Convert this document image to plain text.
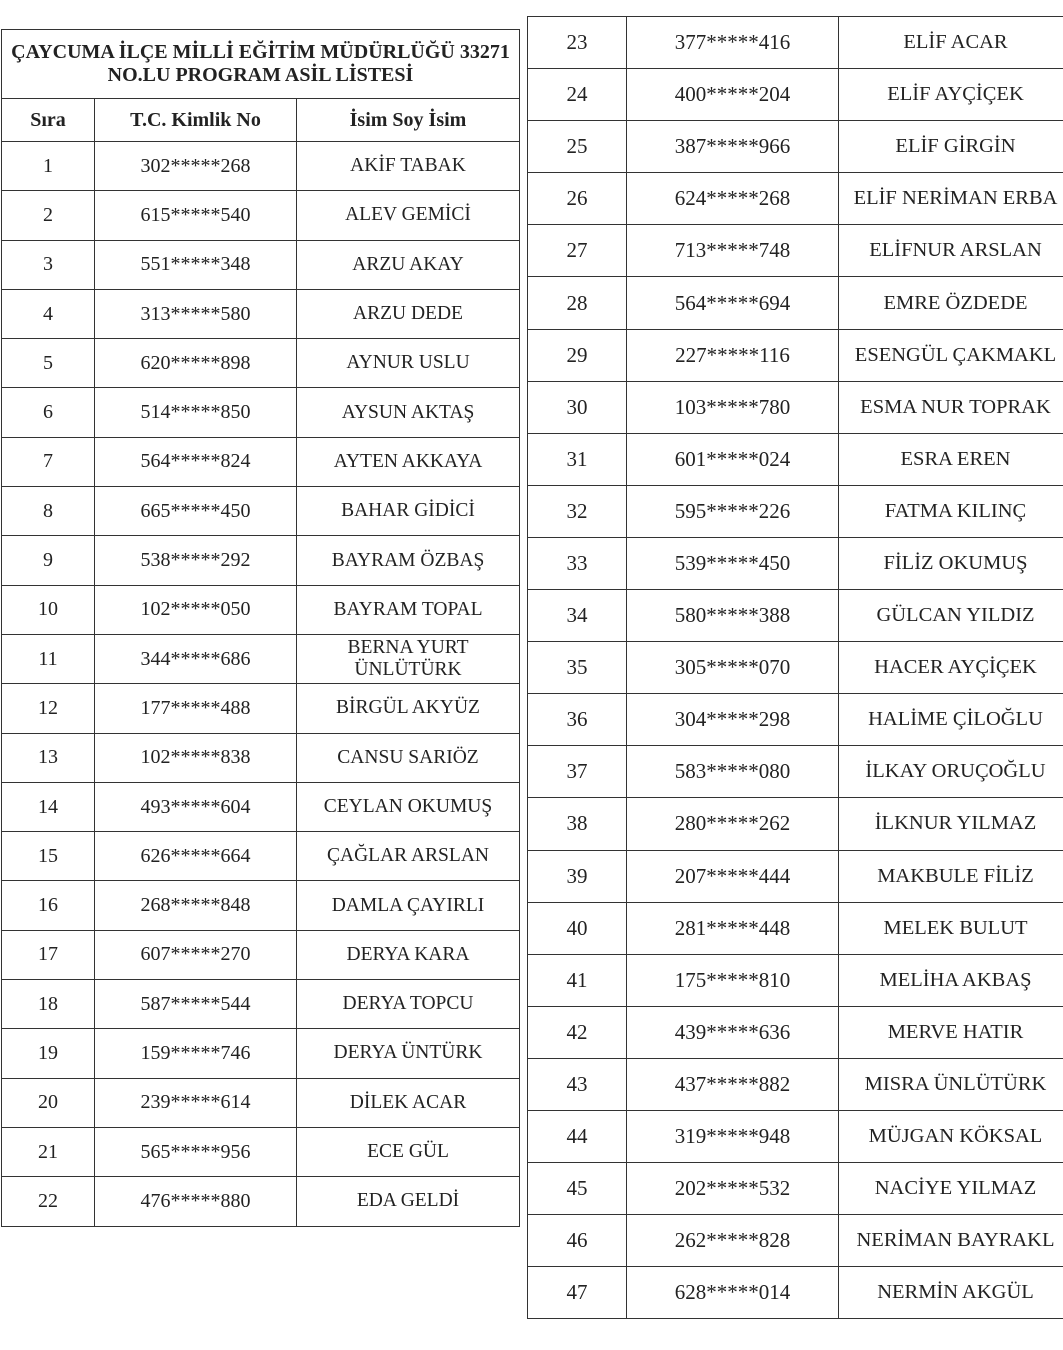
ÇAYCUMA İLÇE MİLLİ EĞİTİM MÜDÜRLÜĞÜ 33271 NO.LU PROGRAM ASİL LİSTESİ		
Sıra	T.C. Kimlik No	İsim Soy İsim
1	302*****268	AKİF TABAK
2	615*****540	ALEV GEMİCİ
3	551*****348	ARZU AKAY
4	313*****580	ARZU DEDE
5	620*****898	AYNUR USLU
6	514*****850	AYSUN AKTAŞ
7	564*****824	AYTEN AKKAYA
8	665*****450	BAHAR GİDİCİ
9	538*****292	BAYRAM ÖZBAŞ
10	102*****050	BAYRAM TOPAL
11	344*****686	BERNA YURT ÜNLÜTÜRK
12	177*****488	BİRGÜL AKYÜZ
13	102*****838	CANSU SARIÖZ
14	493*****604	CEYLAN OKUMUŞ
15	626*****664	ÇAĞLAR ARSLAN
16	268*****848	DAMLA ÇAYIRLI
17	607*****270	DERYA KARA
18	587*****544	DERYA TOPCU
19	159*****746	DERYA ÜNTÜRK
20	239*****614	DİLEK ACAR
21	565*****956	ECE GÜL
22	476*****880	EDA GELDİ
23	377*****416	ELİF ACAR
24	400*****204	ELİF AYÇİÇEK
25	387*****966	ELİF GİRGİN
26	624*****268	ELİF NERİMAN ERBA
27	713*****748	ELİFNUR ARSLAN
28	564*****694	EMRE ÖZDEDE
29	227*****116	ESENGÜL ÇAKMAKL
30	103*****780	ESMA NUR TOPRAK
31	601*****024	ESRA EREN
32	595*****226	FATMA KILINÇ
33	539*****450	FİLİZ OKUMUŞ
34	580*****388	GÜLCAN YILDIZ
35	305*****070	HACER AYÇİÇEK
36	304*****298	HALİME ÇİLOĞLU
37	583*****080	İLKAY ORUÇOĞLU
38	280*****262	İLKNUR YILMAZ
39	207*****444	MAKBULE FİLİZ
40	281*****448	MELEK BULUT
41	175*****810	MELİHA AKBAŞ
42	439*****636	MERVE HATIR
43	437*****882	MISRA ÜNLÜTÜRK
44	319*****948	MÜJGAN KÖKSAL
45	202*****532	NACİYE YILMAZ
46	262*****828	NERİMAN BAYRAKL
47	628*****014	NERMİN AKGÜL
